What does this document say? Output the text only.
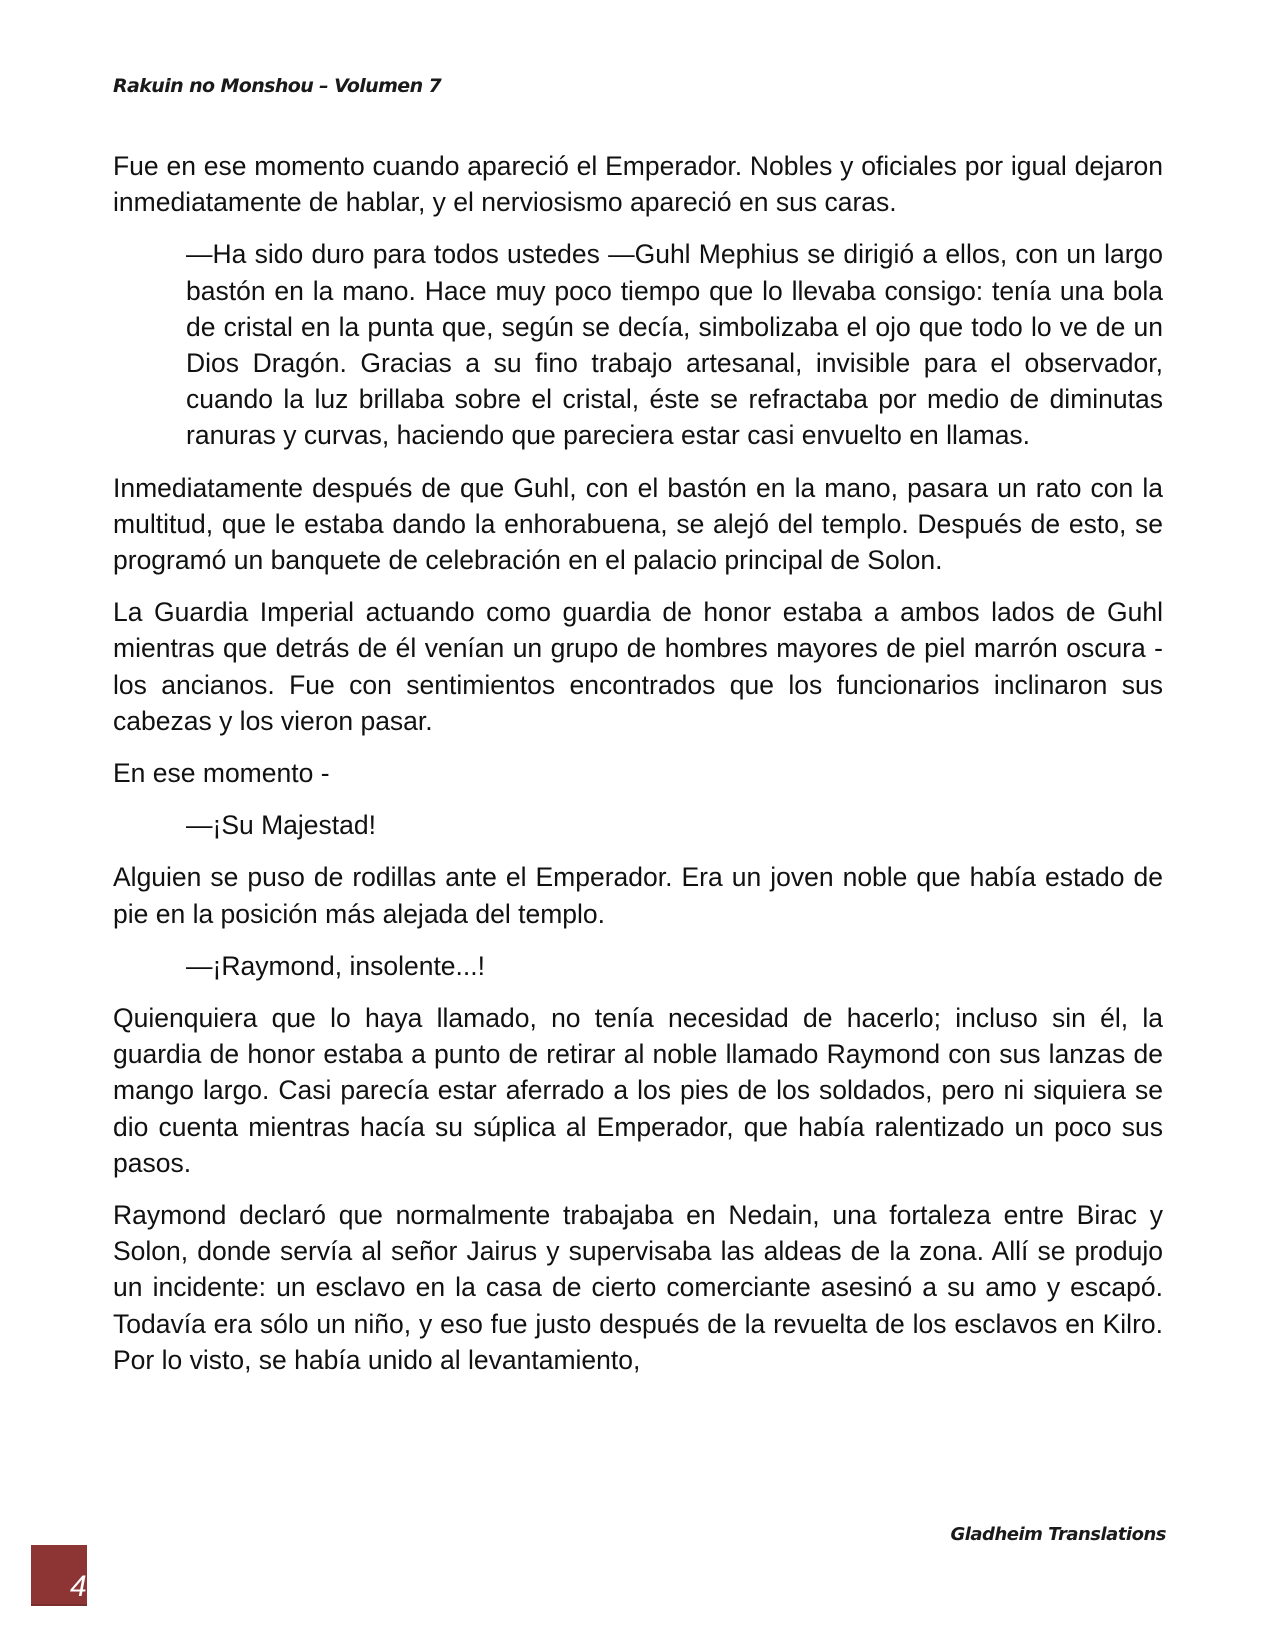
Rakuin no Monshou – Volumen 7

Fue en ese momento cuando apareció el Emperador. Nobles y oficiales por igual dejaron inmediatamente de hablar, y el nerviosismo apareció en sus caras.

—Ha sido duro para todos ustedes —Guhl Mephius se dirigió a ellos, con un largo bastón en la mano. Hace muy poco tiempo que lo llevaba consigo: tenía una bola de cristal en la punta que, según se decía, simbolizaba el ojo que todo lo ve de un Dios Dragón. Gracias a su fino trabajo artesanal, invisible para el observador, cuando la luz brillaba sobre el cristal, éste se refractaba por medio de diminutas ranuras y curvas, haciendo que pareciera estar casi envuelto en llamas.

Inmediatamente después de que Guhl, con el bastón en la mano, pasara un rato con la multitud, que le estaba dando la enhorabuena, se alejó del templo. Después de esto, se programó un banquete de celebración en el palacio principal de Solon.

La Guardia Imperial actuando como guardia de honor estaba a ambos lados de Guhl mientras que detrás de él venían un grupo de hombres mayores de piel marrón oscura - los ancianos. Fue con sentimientos encontrados que los funcionarios inclinaron sus cabezas y los vieron pasar.

En ese momento -

—¡Su Majestad!

Alguien se puso de rodillas ante el Emperador. Era un joven noble que había estado de pie en la posición más alejada del templo.

—¡Raymond, insolente...!

Quienquiera que lo haya llamado, no tenía necesidad de hacerlo; incluso sin él, la guardia de honor estaba a punto de retirar al noble llamado Raymond con sus lanzas de mango largo. Casi parecía estar aferrado a los pies de los soldados, pero ni siquiera se dio cuenta mientras hacía su súplica al Emperador, que había ralentizado un poco sus pasos.

Raymond declaró que normalmente trabajaba en Nedain, una fortaleza entre Birac y Solon, donde servía al señor Jairus y supervisaba las aldeas de la zona. Allí se produjo un incidente: un esclavo en la casa de cierto comerciante asesinó a su amo y escapó. Todavía era sólo un niño, y eso fue justo después de la revuelta de los esclavos en Kilro. Por lo visto, se había unido al levantamiento,

Gladheim Translations
4
